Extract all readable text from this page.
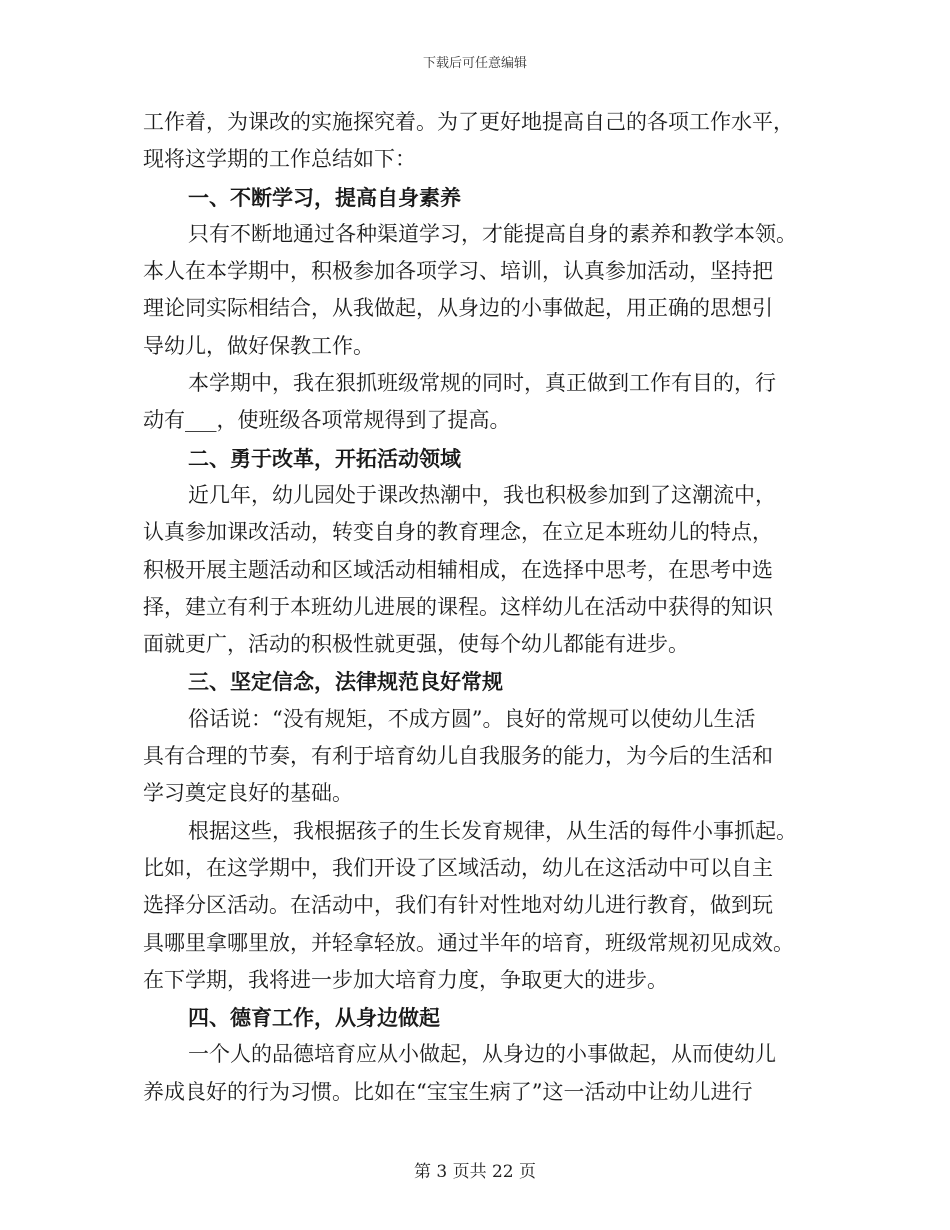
下载后可任意编辑
工作着，为课改的实施探究着。为了更好地提高自己的各项工作水平，
现将这学期的工作总结如下：
一、不断学习，提高自身素养
只有不断地通过各种渠道学习，才能提高自身的素养和教学本领。
本人在本学期中，积极参加各项学习、培训，认真参加活动，坚持把
理论同实际相结合，从我做起，从身边的小事做起，用正确的思想引
导幼儿，做好保教工作。
本学期中，我在狠抓班级常规的同时，真正做到工作有目的，行
动有___，使班级各项常规得到了提高。
二、勇于改革，开拓活动领域
近几年，幼儿园处于课改热潮中，我也积极参加到了这潮流中，
认真参加课改活动，转变自身的教育理念，在立足本班幼儿的特点，
积极开展主题活动和区域活动相辅相成，在选择中思考，在思考中选
择，建立有利于本班幼儿进展的课程。这样幼儿在活动中获得的知识
面就更广，活动的积极性就更强，使每个幼儿都能有进步。
三、坚定信念，法律规范良好常规
俗话说：“没有规矩，不成方圆”。良好的常规可以使幼儿生活
具有合理的节奏，有利于培育幼儿自我服务的能力，为今后的生活和
学习奠定良好的基础。
根据这些，我根据孩子的生长发育规律，从生活的每件小事抓起。
比如，在这学期中，我们开设了区域活动，幼儿在这活动中可以自主
选择分区活动。在活动中，我们有针对性地对幼儿进行教育，做到玩
具哪里拿哪里放，并轻拿轻放。通过半年的培育，班级常规初见成效。
在下学期，我将进一步加大培育力度，争取更大的进步。
四、德育工作，从身边做起
一个人的品德培育应从小做起，从身边的小事做起，从而使幼儿
养成良好的行为习惯。比如在“宝宝生病了”这一活动中让幼儿进行
第 3 页共 22 页
